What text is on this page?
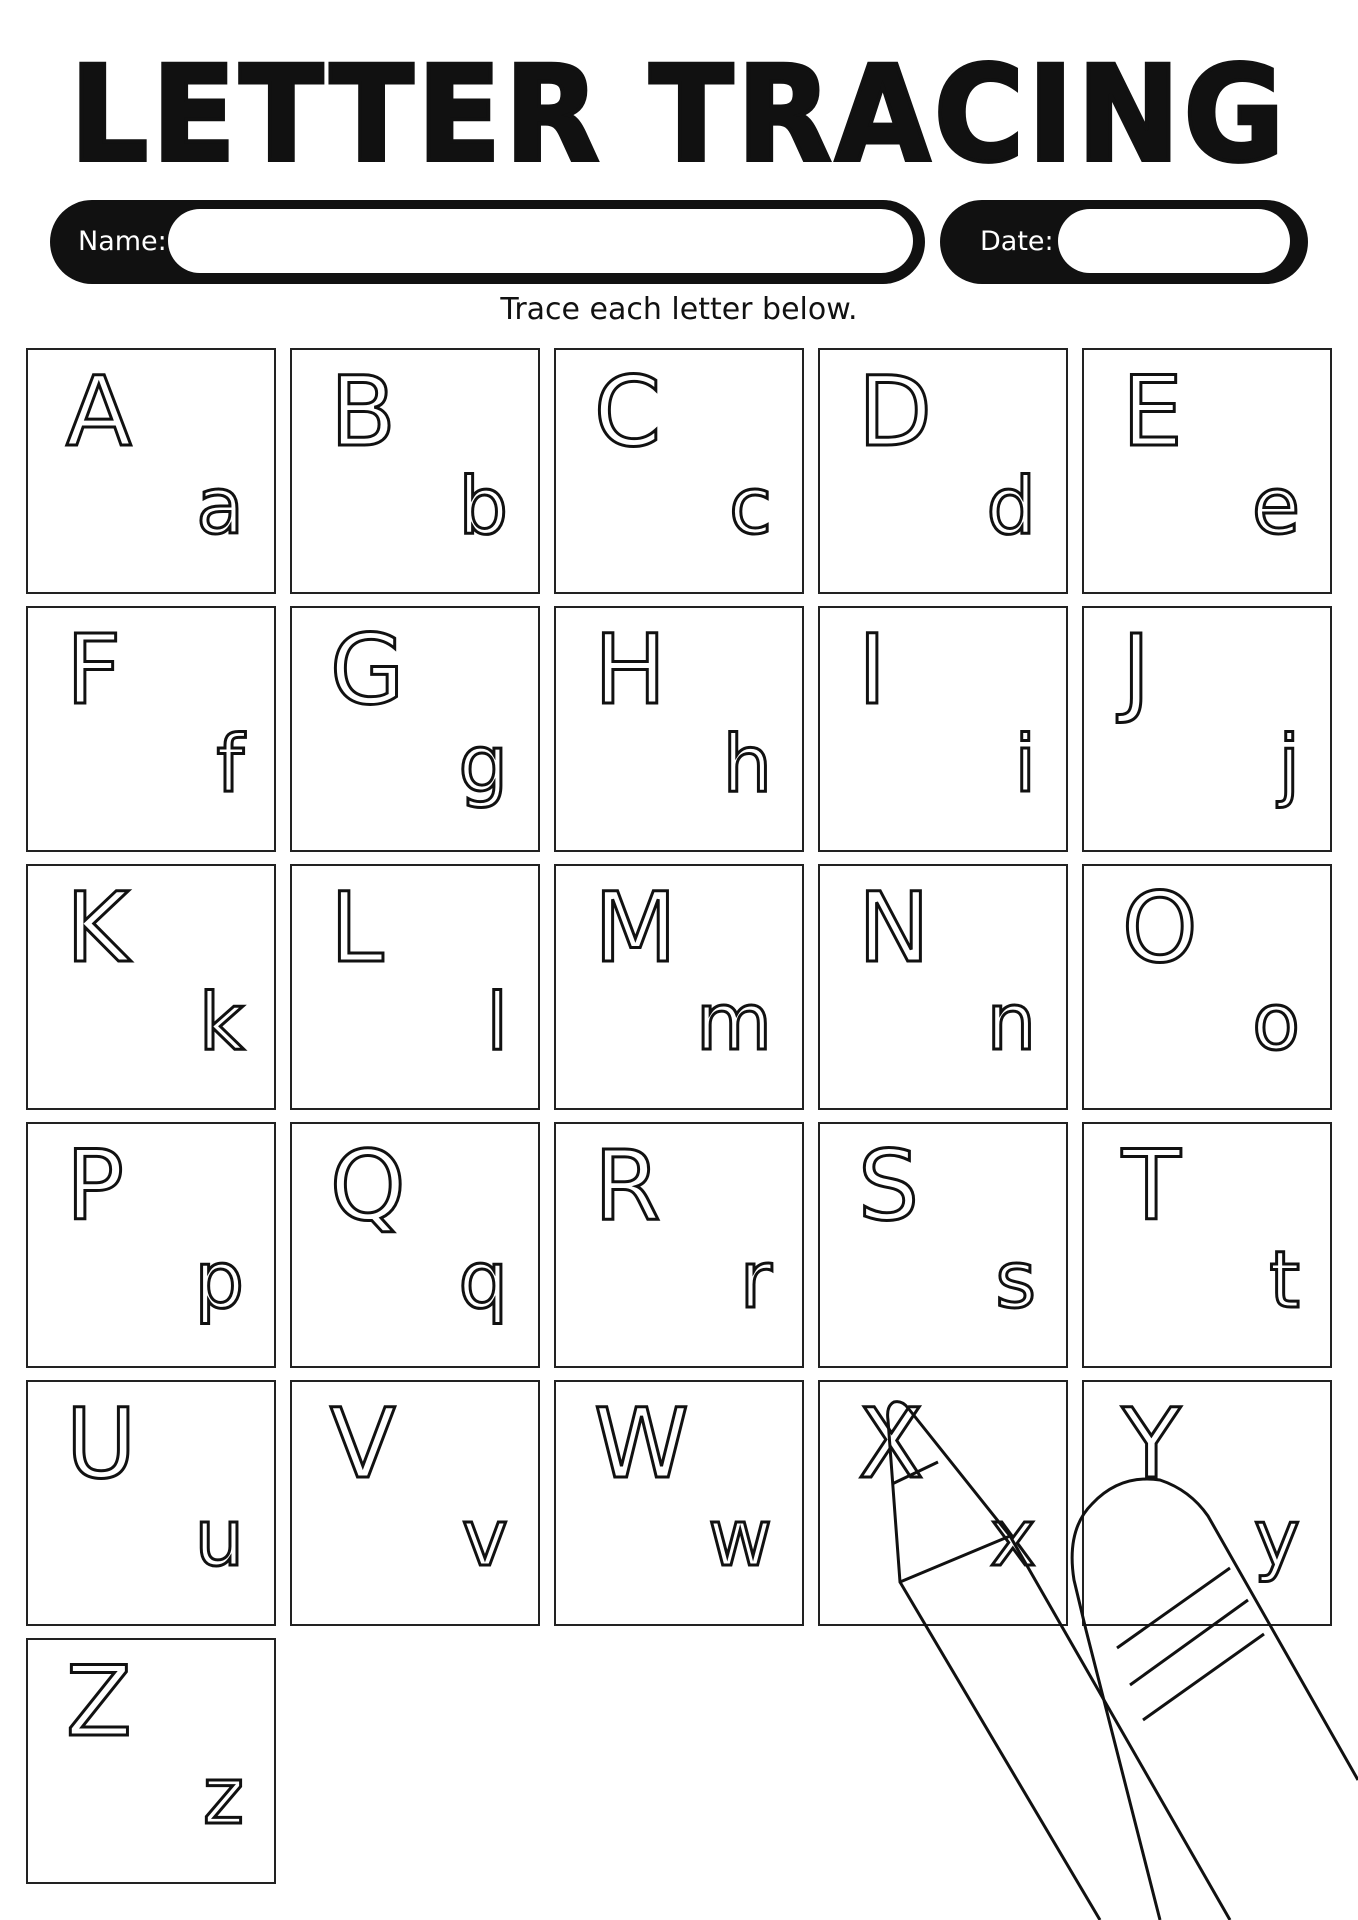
LETTER TRACING
Name:	Date:
Trace each letter below.
A
a
B
b
C
c
D
d
E
e
F
f
G
g
H
h
I
i
J
j
K
k
L
l
M
m
N
n
O
o
P
p
Q
q
R
r
S
s
T
t
U
u
V
v
W
w
X
x
Y
y
Z
z
